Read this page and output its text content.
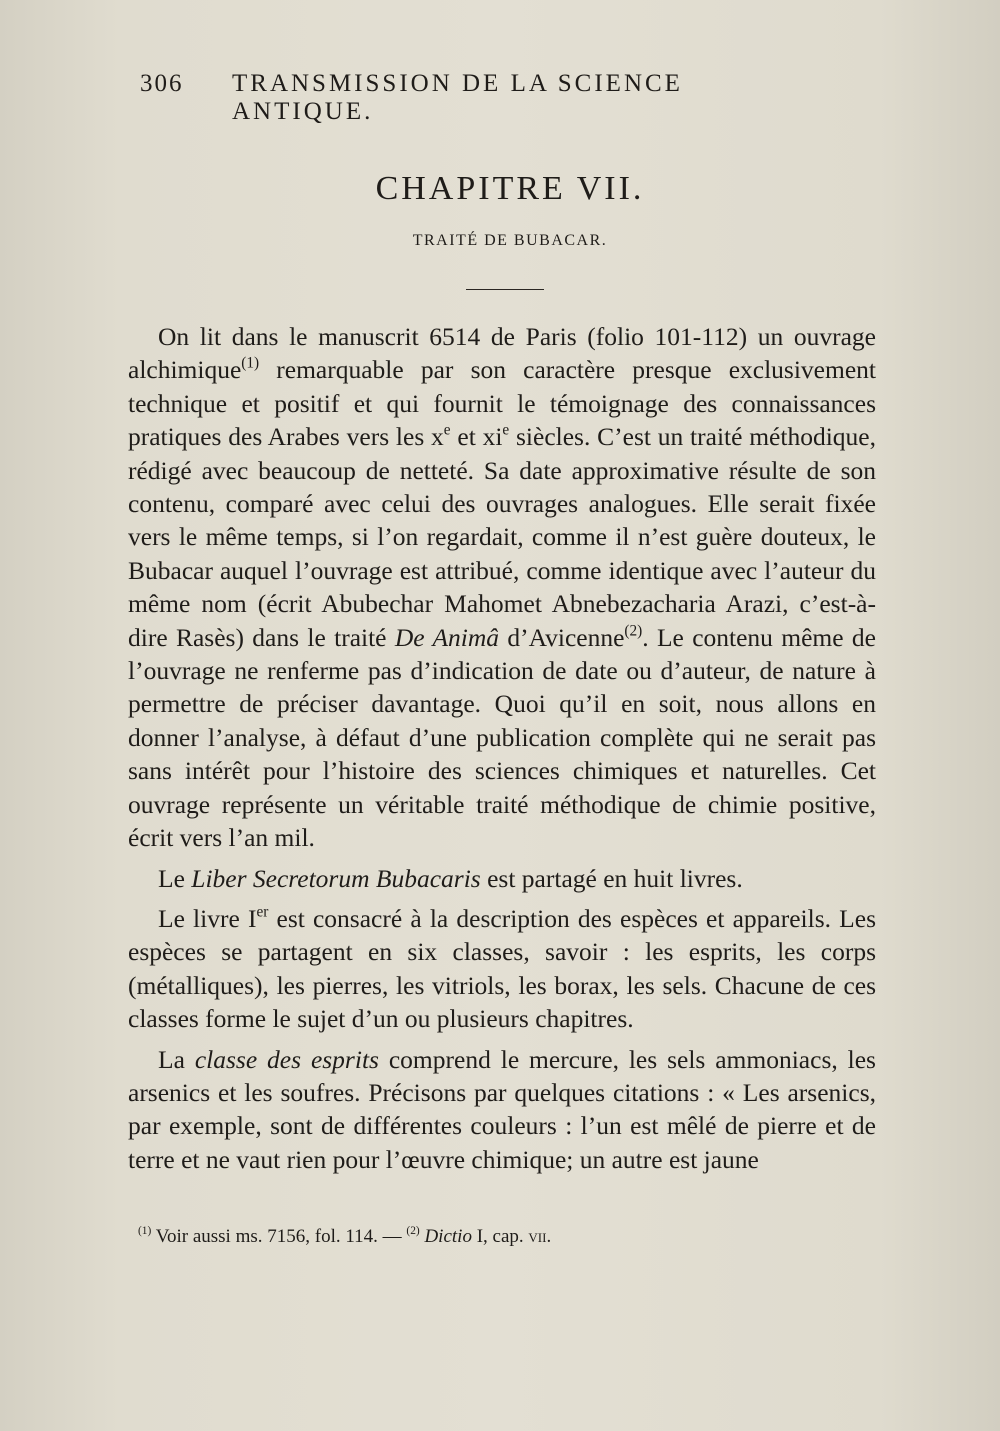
306 TRANSMISSION DE LA SCIENCE ANTIQUE.
CHAPITRE VII.
TRAITÉ DE BUBACAR.

On lit dans le manuscrit 6514 de Paris (folio 101-112) un ouvrage alchimique$^{(1)}$ remarquable par son caractère presque exclusivement technique et positif et qui fournit le témoignage des connaissances pratiques des Arabes vers les $x^e$ et $xi^e$ siècles. C’est un traité méthodique, rédigé avec beaucoup de netteté. Sa date approximative résulte de son contenu, comparé avec celui des ouvrages analogues. Elle serait fixée vers le même temps, si l’on regardait, comme il n’est guère douteux, le Bubacar auquel l’ouvrage est attribué, comme identique avec l’auteur du même nom (écrit Abubechar Mahomet Abnebezacharia Arazi, c’est-à-dire Rasès) dans le traité De Animâ d’Avicenne$^{(2)}$. Le contenu même de l’ouvrage ne renferme pas d’indication de date ou d’auteur, de nature à permettre de préciser davantage. Quoi qu’il en soit, nous allons en donner l’analyse, à défaut d’une publication complète qui ne serait pas sans intérêt pour l’histoire des sciences chimiques et naturelles. Cet ouvrage représente un véritable traité méthodique de chimie positive, écrit vers l’an mil.

Le Liber Secretorum Bubacaris est partagé en huit livres.

Le livre Ier est consacré à la description des espèces et appareils. Les espèces se partagent en six classes, savoir : les esprits, les corps (métalliques), les pierres, les vitriols, les borax, les sels. Chacune de ces classes forme le sujet d’un ou plusieurs chapitres.

La classe des esprits comprend le mercure, les sels ammoniacs, les arsenics et les soufres. Précisons par quelques citations : « Les arsenics, par exemple, sont de différentes couleurs : l’un est mêlé de pierre et de terre et ne vaut rien pour l’œuvre chimique; un autre est jaune

$^{(1)}$ Voir aussi ms. 7156, fol. 114. — $^{(2)}$ Dictio I, cap. vii.
